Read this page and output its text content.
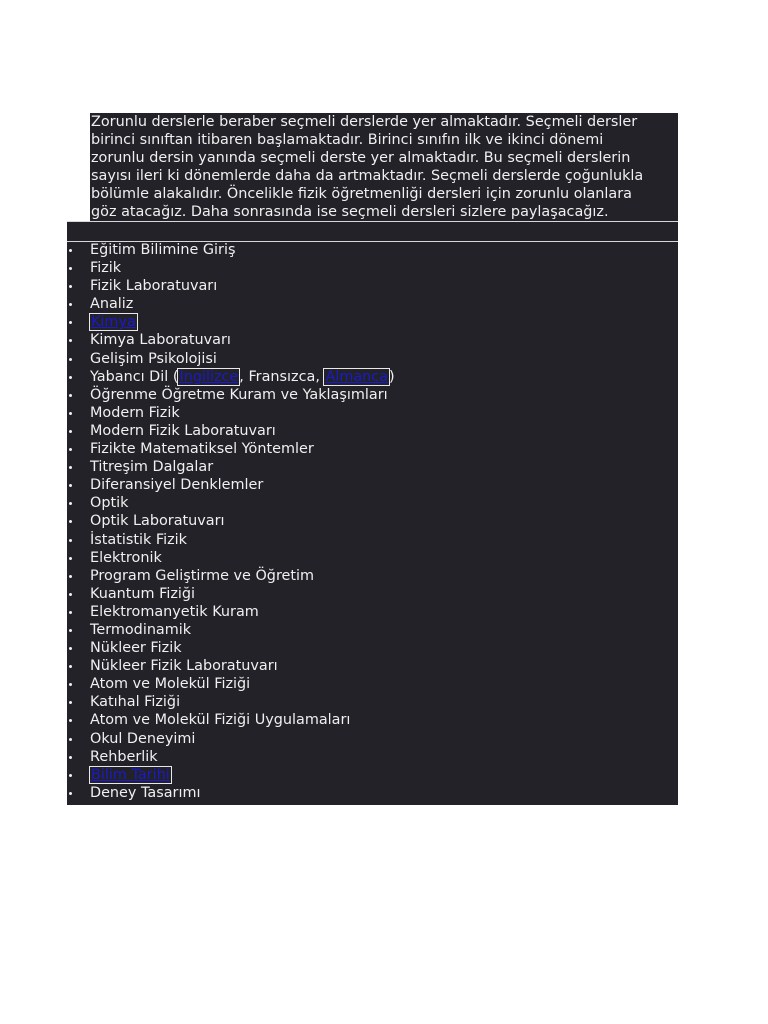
Zorunlu derslerle beraber seçmeli derslerde yer almaktadır. Seçmeli dersler
birinci sınıftan itibaren başlamaktadır. Birinci sınıfın ilk ve ikinci dönemi
zorunlu dersin yanında seçmeli derste yer almaktadır. Bu seçmeli derslerin
sayısı ileri ki dönemlerde daha da artmaktadır. Seçmeli derslerde çoğunlukla
bölümle alakalıdır. Öncelikle fizik öğretmenliği dersleri için zorunlu olanlara
göz atacağız. Daha sonrasında ise seçmeli dersleri sizlere paylaşacağız.
Eğitim Bilimine Giriş
Fizik
Fizik Laboratuvarı
Analiz
Kimya
Kimya Laboratuvarı
Gelişim Psikolojisi
Yabancı Dil (İngilizce, Fransızca, Almanca)
Öğrenme Öğretme Kuram ve Yaklaşımları
Modern Fizik
Modern Fizik Laboratuvarı
Fizikte Matematiksel Yöntemler
Titreşim Dalgalar
Diferansiyel Denklemler
Optik
Optik Laboratuvarı
İstatistik Fizik
Elektronik
Program Geliştirme ve Öğretim
Kuantum Fiziği
Elektromanyetik Kuram
Termodinamik
Nükleer Fizik
Nükleer Fizik Laboratuvarı
Atom ve Molekül Fiziği
Katıhal Fiziği
Atom ve Molekül Fiziği Uygulamaları
Okul Deneyimi
Rehberlik
Bilim Tarihi
Deney Tasarımı
